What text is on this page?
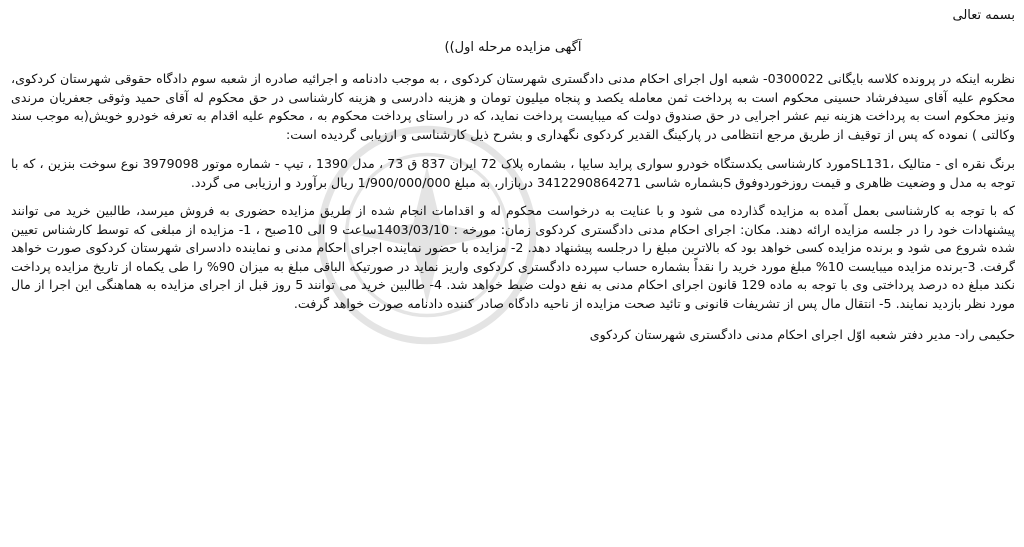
بسمه تعالی

آگهی مزایده مرحله اول))

نظربه اینکه در پرونده کلاسه بایگانی 0300022- شعبه اول اجرای احکام مدنی دادگستری شهرستان کردکوی ، به موجب دادنامه و اجرائیه صادره از شعبه سوم دادگاه حقوقی شهرستان کردکوی، محکوم علیه آقای سیدفرشاد حسینی محکوم است به پرداخت ثمن معامله یکصد و پنجاه میلیون تومان و هزینه دادرسی و هزینه کارشناسی در حق محکوم له آقای حمید وثوقی جعفریان مرندی ونیز محکوم است به پرداخت هزینه نیم عشر اجرایی در حق صندوق دولت که میبایست پرداخت نماید، که در راستای پرداخت محکوم به ، محکوم علیه اقدام به تعرفه خودرو خویش(به موجب سند وکالتی ) نموده که پس از توقیف از طریق مرجع انتظامی در پارکینگ القدیر کردکوی نگهداری و بشرح ذیل کارشناسی و ارزیابی گردیده است:

برنگ نقره ای - متالیک ،SL131مورد کارشناسی یکدستگاه خودرو سواری پراید سایپا ، بشماره پلاک 72 ایران 837 ق 73 ، مدل 1390 ، تیپ - شماره موتور 3979098 نوع سوخت بنزین ، که با توجه به مدل و وضعیت ظاهری و قیمت روزخوردوفوق Sبشماره شاسی 3412290864271 دربازار، به مبلغ 1/900/000/000 ریال برآورد و ارزیابی می گردد.

که با توجه به کارشناسی بعمل آمده به مزایده گذارده می شود و با عنایت به درخواست محکوم له و اقدامات انجام شده از طریق مزایده حضوری به فروش میرسد، طالبین خرید می توانند پیشنهادات خود را در جلسه مزایده ارائه دهند. مکان: اجرای احکام مدنی دادگستری کردکوی زمان: مورخه : 1403/03/10ساعت 9 الی 10صبح ، 1- مزایده از مبلغی که توسط کارشناس تعیین شده شروع می شود و برنده مزایده کسی خواهد بود که بالاترین مبلغ را درجلسه پیشنهاد دهد. 2- مزایده با حضور نماینده اجرای احکام مدنی و نماینده دادسرای شهرستان کردکوی صورت خواهد گرفت. 3-برنده مزایده میبایست 10% مبلغ مورد خرید را نقداً بشماره حساب سپرده دادگستری کردکوی واریز نماید در صورتیکه الباقی مبلغ به میزان 90% را طی یکماه از تاریخ مزایده پرداخت نکند مبلغ ده درصد پرداختی وی با توجه به ماده 129 قانون اجرای احکام مدنی به نفع دولت ضبط خواهد شد. 4- طالبین خرید می توانند 5 روز قبل از اجرای مزایده به هماهنگی این اجرا از مال مورد نظر بازدید نمایند. 5- انتقال مال پس از تشریفات قانونی و تائید صحت مزایده از ناحیه دادگاه صادر کننده دادنامه صورت خواهد گرفت.

حکیمی راد- مدیر دفتر شعبه اوّل اجرای احکام مدنی دادگستری شهرستان کردکوی
